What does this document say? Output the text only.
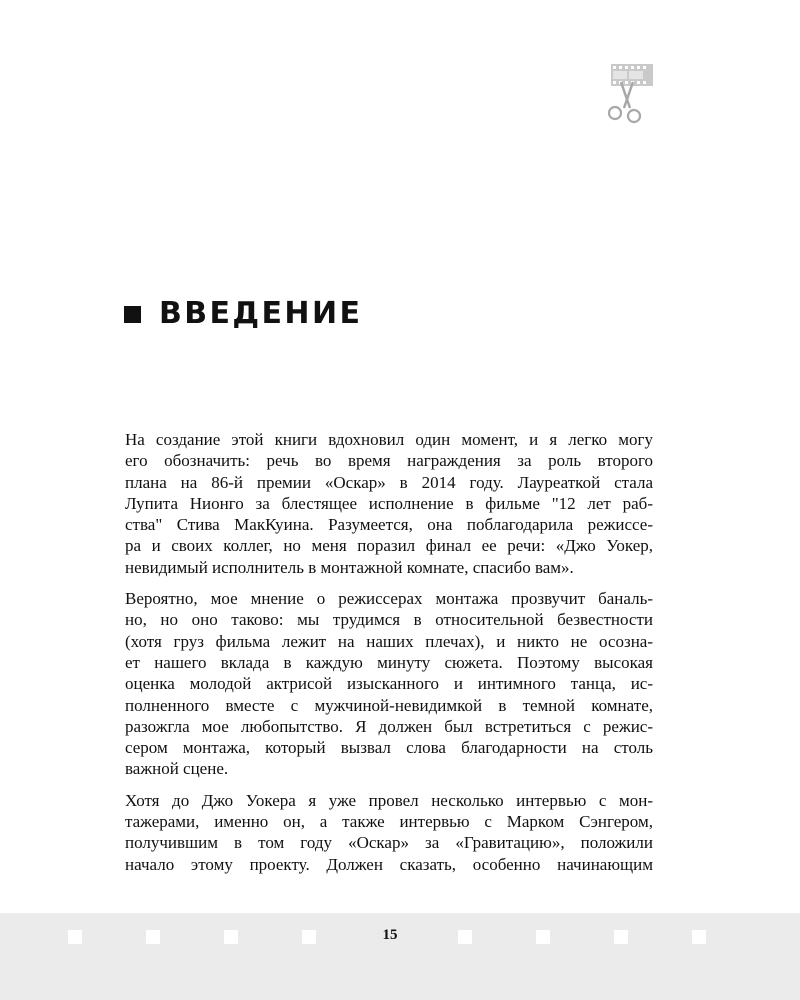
ВВЕДЕНИЕ

На создание этой книги вдохновил один момент, и я легко могу
его обозначить: речь во время награждения за роль второго
плана на 86-й премии «Оскар» в 2014 году. Лауреаткой стала
Лупита Нионго за блестящее исполнение в фильме "12 лет раб-
ства" Стива МакКуина. Разумеется, она поблагодарила режиссе-
ра и своих коллег, но меня поразил финал ее речи: «Джо Уокер,
невидимый исполнитель в монтажной комнате, спасибо вам».

Вероятно, мое мнение о режиссерах монтажа прозвучит баналь-
но, но оно таково: мы трудимся в относительной безвестности
(хотя груз фильма лежит на наших плечах), и никто не осозна-
ет нашего вклада в каждую минуту сюжета. Поэтому высокая
оценка молодой актрисой изысканного и интимного танца, ис-
полненного вместе с мужчиной-невидимкой в темной комнате,
разожгла мое любопытство. Я должен был встретиться с режис-
сером монтажа, который вызвал слова благодарности на столь
важной сцене.

Хотя до Джо Уокера я уже провел несколько интервью с мон-
тажерами, именно он, а также интервью с Марком Сэнгером,
получившим в том году «Оскар» за «Гравитацию», положили
начало этому проекту. Должен сказать, особенно начинающим

15
